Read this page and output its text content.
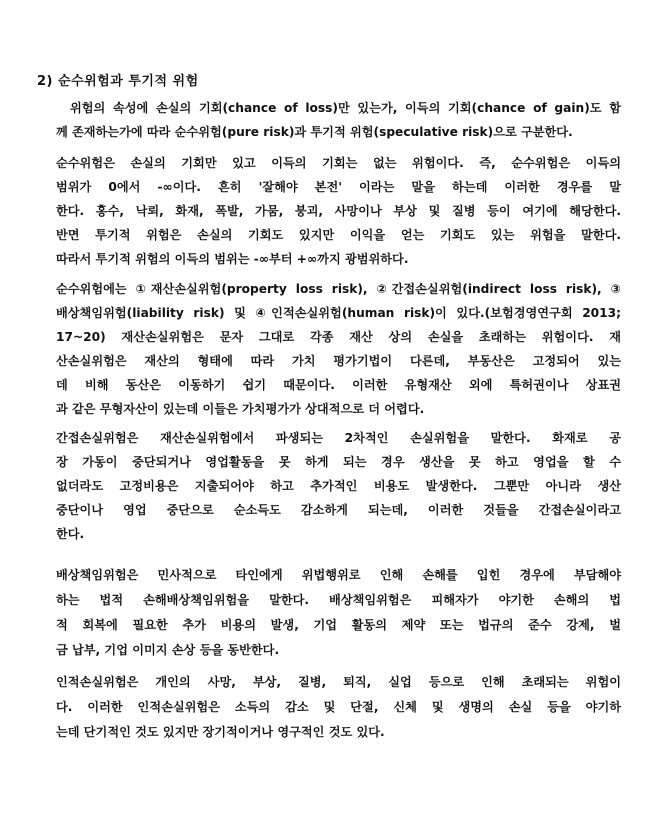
2) 순수위험과 투기적 위험
위험의 속성에 손실의 기회(chance of loss)만 있는가, 이득의 기회(chance of gain)도 함
께 존재하는가에 따라 순수위험(pure risk)과 투기적 위험(speculative risk)으로 구분한다.
순수위험은 손실의 기회만 있고 이득의 기회는 없는 위험이다. 즉, 순수위험은 이득의
범위가 0에서 -∞이다. 흔히 '잘해야 본전' 이라는 말을 하는데 이러한 경우를 말
한다. 홍수, 낙뢰, 화재, 폭발, 가뭄, 붕괴, 사망이나 부상 및 질병 등이 여기에 해당한다.
반면 투기적 위험은 손실의 기회도 있지만 이익을 얻는 기회도 있는 위험을 말한다.
따라서 투기적 위험의 이득의 범위는 -∞부터 +∞까지 광범위하다.
순수위험에는 ①재산손실위험(property loss risk), ②간접손실위험(indirect loss risk), ③
배상책임위험(liability risk) 및 ④인적손실위험(human risk)이 있다.(보험경영연구회 2013;
17~20) 재산손실위험은 문자 그대로 각종 재산 상의 손실을 초래하는 위험이다. 재
산손실위험은 재산의 형태에 따라 가치 평가기법이 다른데, 부동산은 고정되어 있는
데 비해 동산은 이동하기 쉽기 때문이다. 이러한 유형재산 외에 특허권이나 상표권
과 같은 무형자산이 있는데 이들은 가치평가가 상대적으로 더 어렵다.
간접손실위험은 재산손실위험에서 파생되는 2차적인 손실위험을 말한다. 화재로 공
장 가동이 중단되거나 영업활동을 못 하게 되는 경우 생산을 못 하고 영업을 할 수
없더라도 고정비용은 지출되어야 하고 추가적인 비용도 발생한다. 그뿐만 아니라 생산
중단이나 영업 중단으로 순소득도 감소하게 되는데, 이러한 것들을 간접손실이라고
한다.
배상책임위험은 민사적으로 타인에게 위법행위로 인해 손해를 입힌 경우에 부담해야
하는 법적 손해배상책임위험을 말한다. 배상책임위험은 피해자가 야기한 손해의 법
적 회복에 필요한 추가 비용의 발생, 기업 활동의 제약 또는 법규의 준수 강제, 벌
금 납부, 기업 이미지 손상 등을 동반한다.
인적손실위험은 개인의 사망, 부상, 질병, 퇴직, 실업 등으로 인해 초래되는 위험이
다. 이러한 인적손실위험은 소득의 감소 및 단절, 신체 및 생명의 손실 등을 야기하
는데 단기적인 것도 있지만 장기적이거나 영구적인 것도 있다.
